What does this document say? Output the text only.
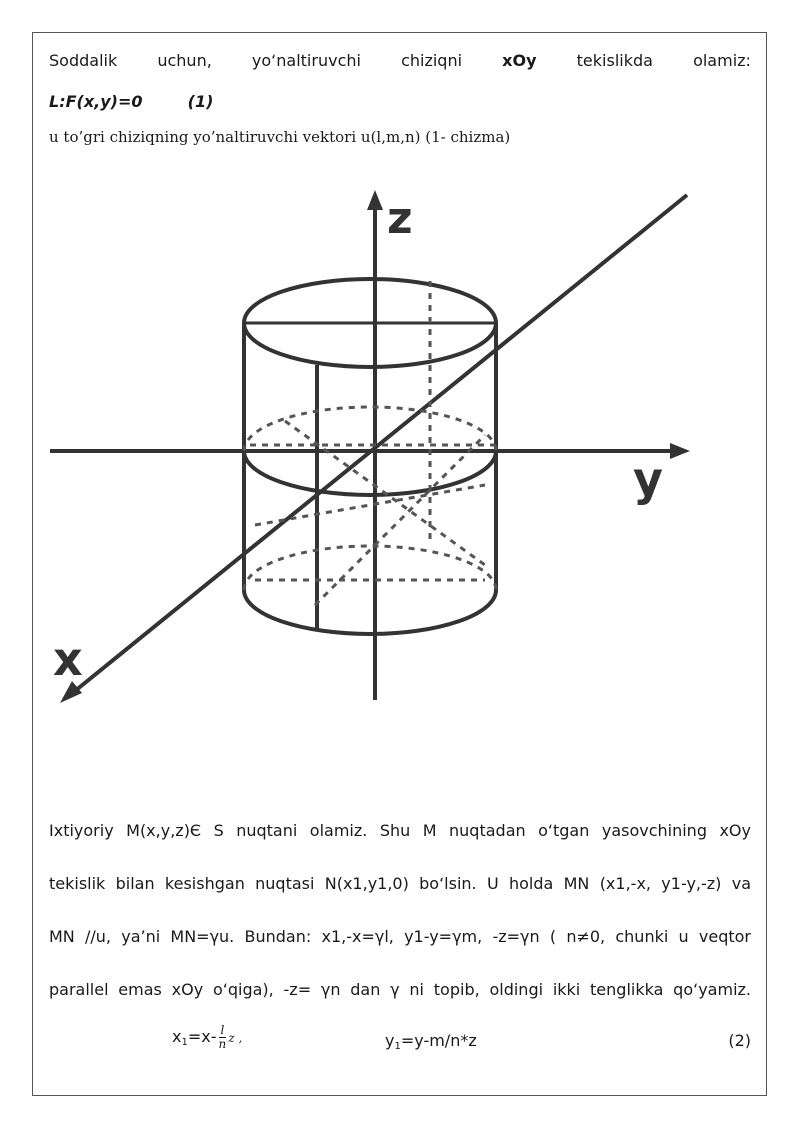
Soddalik	uchun,	yo‘naltiruvchi	chiziqni	xOy	tekislikda	olamiz:
L:F(x,y)=0	(1)
u to’gri chiziqning yo’naltiruvchi vektori u(l,m,n) (1- chizma)
z
y
x
Ixtiyoriy M(x,y,z)Є S nuqtani olamiz. Shu M nuqtadan o‘tgan yasovchining xOy
tekislik bilan kesishgan nuqtasi N(x1,y1,0) bo‘lsin. U holda MN (x1,-x, y1-y,-z) va
MN //u, ya’ni MN=γu. Bundan: x1,-x=γl, y1-y=γm, -z=γn ( n≠0, chunki u veqtor
parallel emas xOy o‘qiga), -z= γn dan γ ni topib, oldingi ikki tenglikka qo‘yamiz.
$x_1=x- \frac{l}{n}$ z ,	$y_1=y-m/n*z$	(2)
